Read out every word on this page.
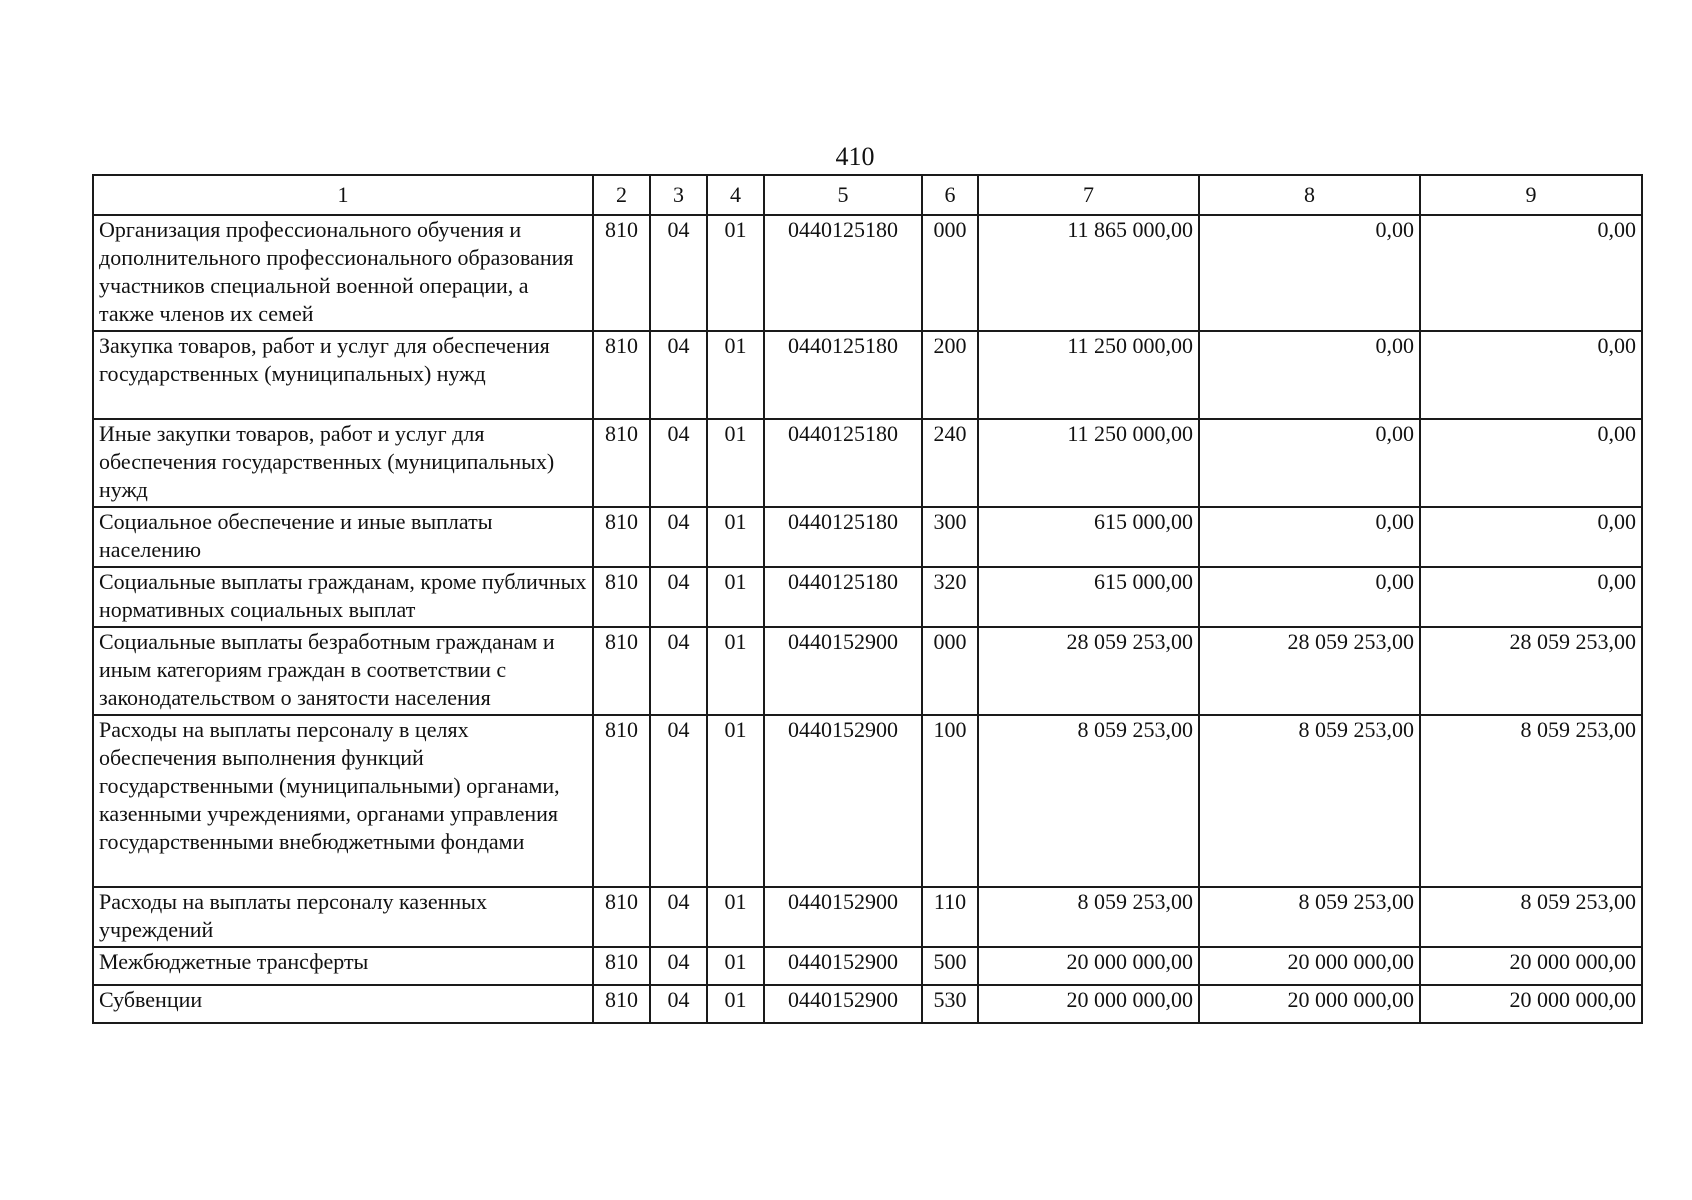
410
1	2	3	4	5	6	7	8	9
Организация профессионального обучения и дополнительного профессионального образования участников специальной военной операции, а также членов их семей	810	04	01	0440125180	000	11 865 000,00	0,00	0,00
Закупка товаров, работ и услуг для обеспечения государственных (муниципальных) нужд	810	04	01	0440125180	200	11 250 000,00	0,00	0,00
Иные закупки товаров, работ и услуг для обеспечения государственных (муниципальных) нужд	810	04	01	0440125180	240	11 250 000,00	0,00	0,00
Социальное обеспечение и иные выплаты населению	810	04	01	0440125180	300	615 000,00	0,00	0,00
Социальные выплаты гражданам, кроме публичных нормативных социальных выплат	810	04	01	0440125180	320	615 000,00	0,00	0,00
Социальные выплаты безработным гражданам и иным категориям граждан в соответствии с законодательством о занятости населения	810	04	01	0440152900	000	28 059 253,00	28 059 253,00	28 059 253,00
Расходы на выплаты персоналу в целях обеспечения выполнения функций государственными (муниципальными) органами, казенными учреждениями, органами управления государственными внебюджетными фондами	810	04	01	0440152900	100	8 059 253,00	8 059 253,00	8 059 253,00
Расходы на выплаты персоналу казенных учреждений	810	04	01	0440152900	110	8 059 253,00	8 059 253,00	8 059 253,00
Межбюджетные трансферты	810	04	01	0440152900	500	20 000 000,00	20 000 000,00	20 000 000,00
Субвенции	810	04	01	0440152900	530	20 000 000,00	20 000 000,00	20 000 000,00
